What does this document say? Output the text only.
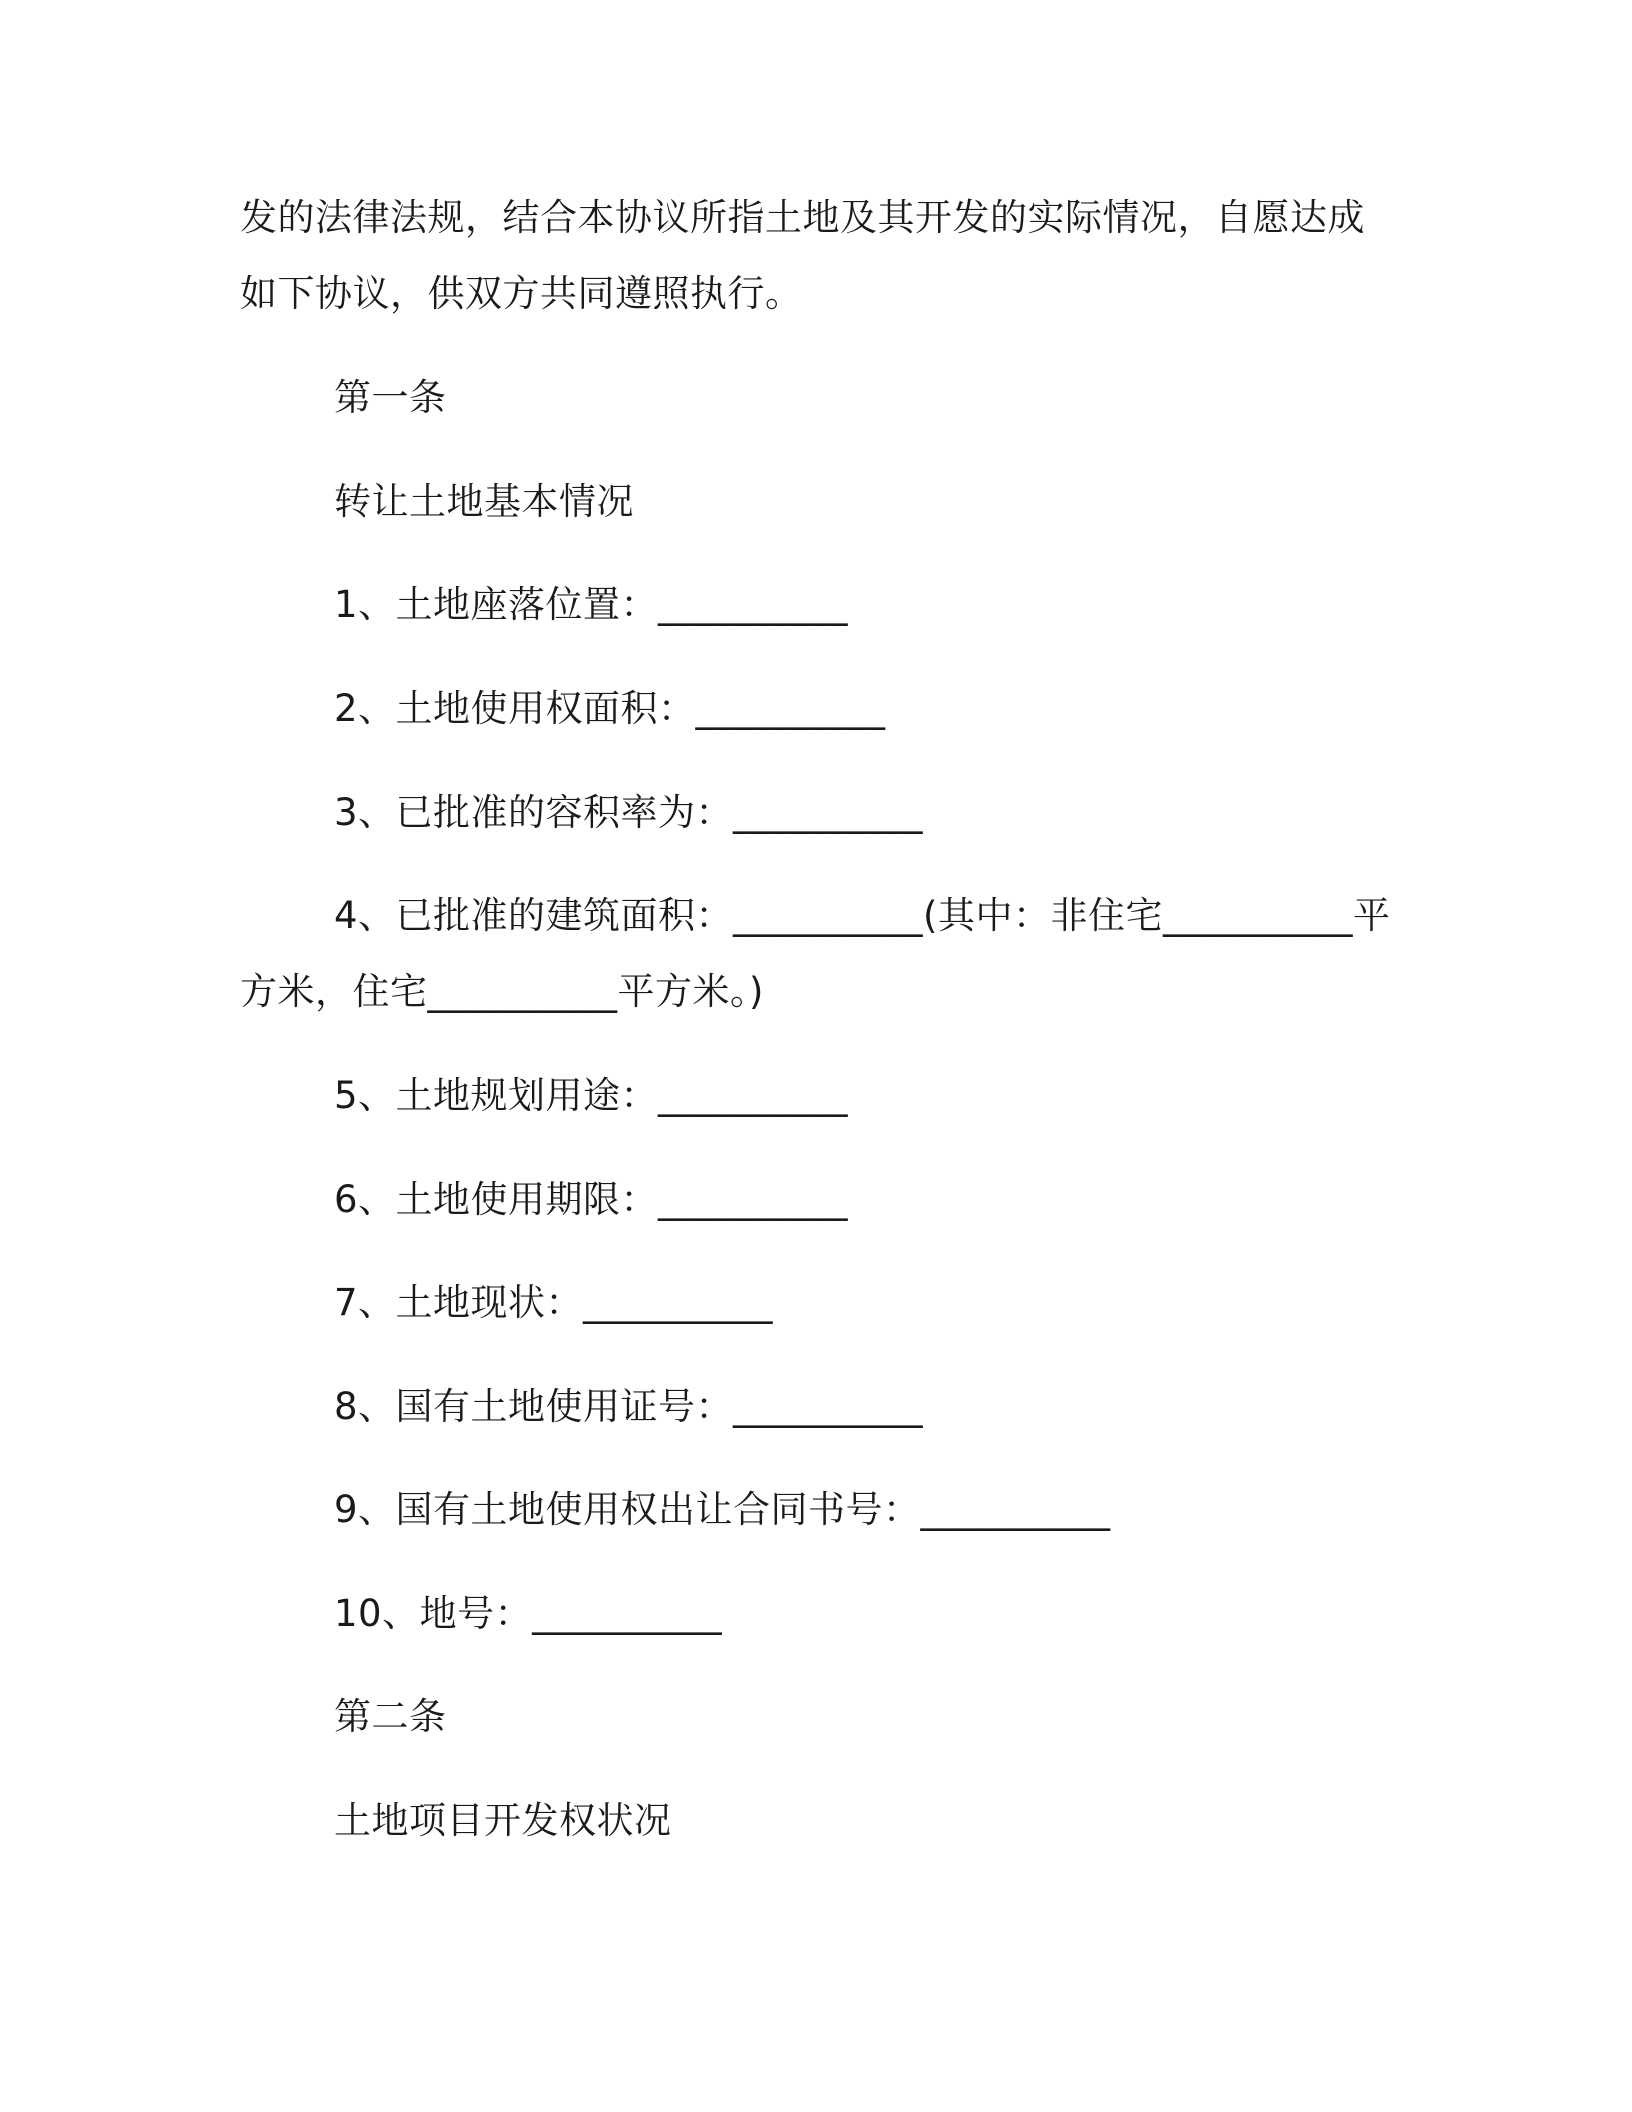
发的法律法规，结合本协议所指土地及其开发的实际情况，自愿达成
如下协议，供双方共同遵照执行。
第一条
转让土地基本情况
1、土地座落位置：__________
2、土地使用权面积：__________
3、已批准的容积率为：__________
4、已批准的建筑面积：__________(其中：非住宅__________平
方米，住宅__________平方米。)
5、土地规划用途：__________
6、土地使用期限：__________
7、土地现状：__________
8、国有土地使用证号：__________
9、国有土地使用权出让合同书号：__________
10、地号：__________
第二条
土地项目开发权状况
